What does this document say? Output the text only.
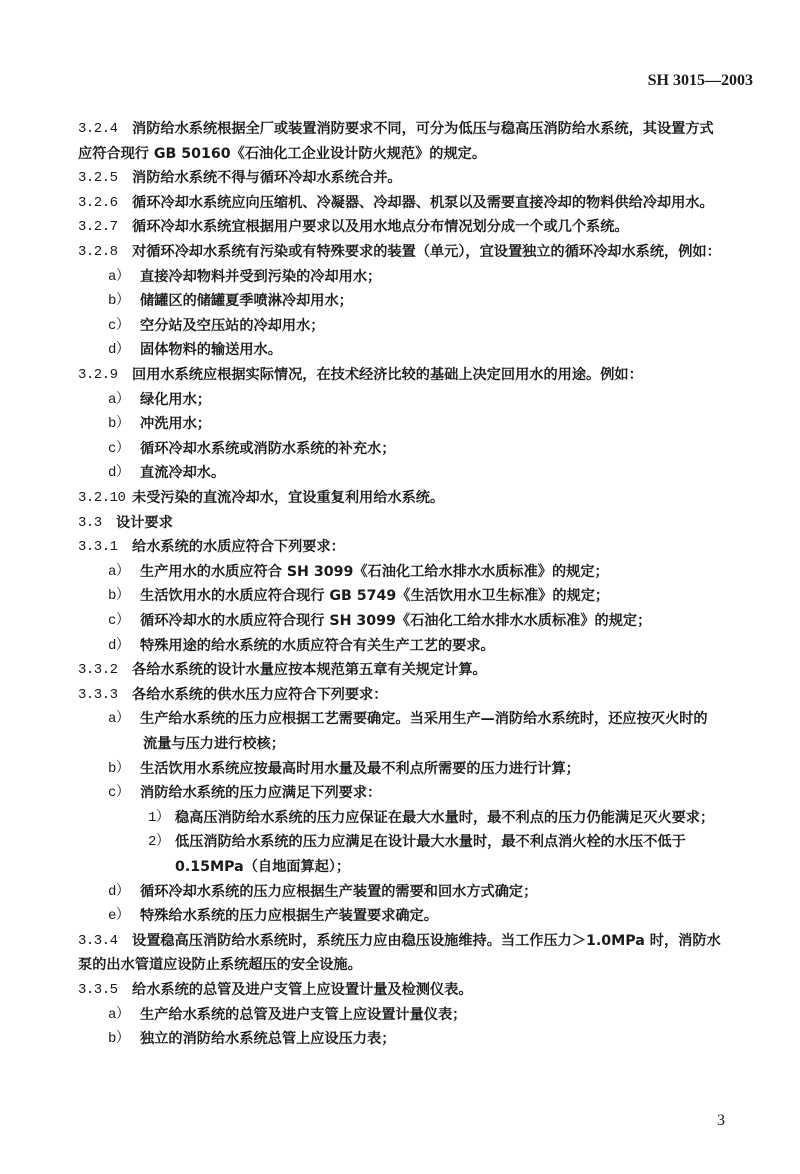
SH 3015—2003
3.2.4 消防给水系统根据全厂或装置消防要求不同，可分为低压与稳高压消防给水系统，其设置方式
应符合现行 GB 50160《石油化工企业设计防火规范》的规定。
3.2.5 消防给水系统不得与循环冷却水系统合并。
3.2.6 循环冷却水系统应向压缩机、冷凝器、冷却器、机泵以及需要直接冷却的物料供给冷却用水。
3.2.7 循环冷却水系统宜根据用户要求以及用水地点分布情况划分成一个或几个系统。
3.2.8 对循环冷却水系统有污染或有特殊要求的装置（单元），宜设置独立的循环冷却水系统，例如：
a） 直接冷却物料并受到污染的冷却用水；
b） 储罐区的储罐夏季喷淋冷却用水；
c） 空分站及空压站的冷却用水；
d） 固体物料的输送用水。
3.2.9 回用水系统应根据实际情况，在技术经济比较的基础上决定回用水的用途。例如：
a） 绿化用水；
b） 冲洗用水；
c） 循环冷却水系统或消防水系统的补充水；
d） 直流冷却水。
3.2.10 未受污染的直流冷却水，宜设重复利用给水系统。
3.3 设计要求
3.3.1 给水系统的水质应符合下列要求：
a） 生产用水的水质应符合 SH 3099《石油化工给水排水水质标准》的规定；
b） 生活饮用水的水质应符合现行 GB 5749《生活饮用水卫生标准》的规定；
c） 循环冷却水的水质应符合现行 SH 3099《石油化工给水排水水质标准》的规定；
d） 特殊用途的给水系统的水质应符合有关生产工艺的要求。
3.3.2 各给水系统的设计水量应按本规范第五章有关规定计算。
3.3.3 各给水系统的供水压力应符合下列要求：
a） 生产给水系统的压力应根据工艺需要确定。当采用生产—消防给水系统时，还应按灭火时的
流量与压力进行校核；
b） 生活饮用水系统应按最高时用水量及最不利点所需要的压力进行计算；
c） 消防给水系统的压力应满足下列要求：
1） 稳高压消防给水系统的压力应保证在最大水量时，最不利点的压力仍能满足灭火要求；
2） 低压消防给水系统的压力应满足在设计最大水量时，最不利点消火栓的水压不低于
0.15MPa（自地面算起）；
d） 循环冷却水系统的压力应根据生产装置的需要和回水方式确定；
e） 特殊给水系统的压力应根据生产装置要求确定。
3.3.4 设置稳高压消防给水系统时，系统压力应由稳压设施维持。当工作压力＞1.0MPa 时，消防水
泵的出水管道应设防止系统超压的安全设施。
3.3.5 给水系统的总管及进户支管上应设置计量及检测仪表。
a） 生产给水系统的总管及进户支管上应设置计量仪表；
b） 独立的消防给水系统总管上应设压力表；
3
